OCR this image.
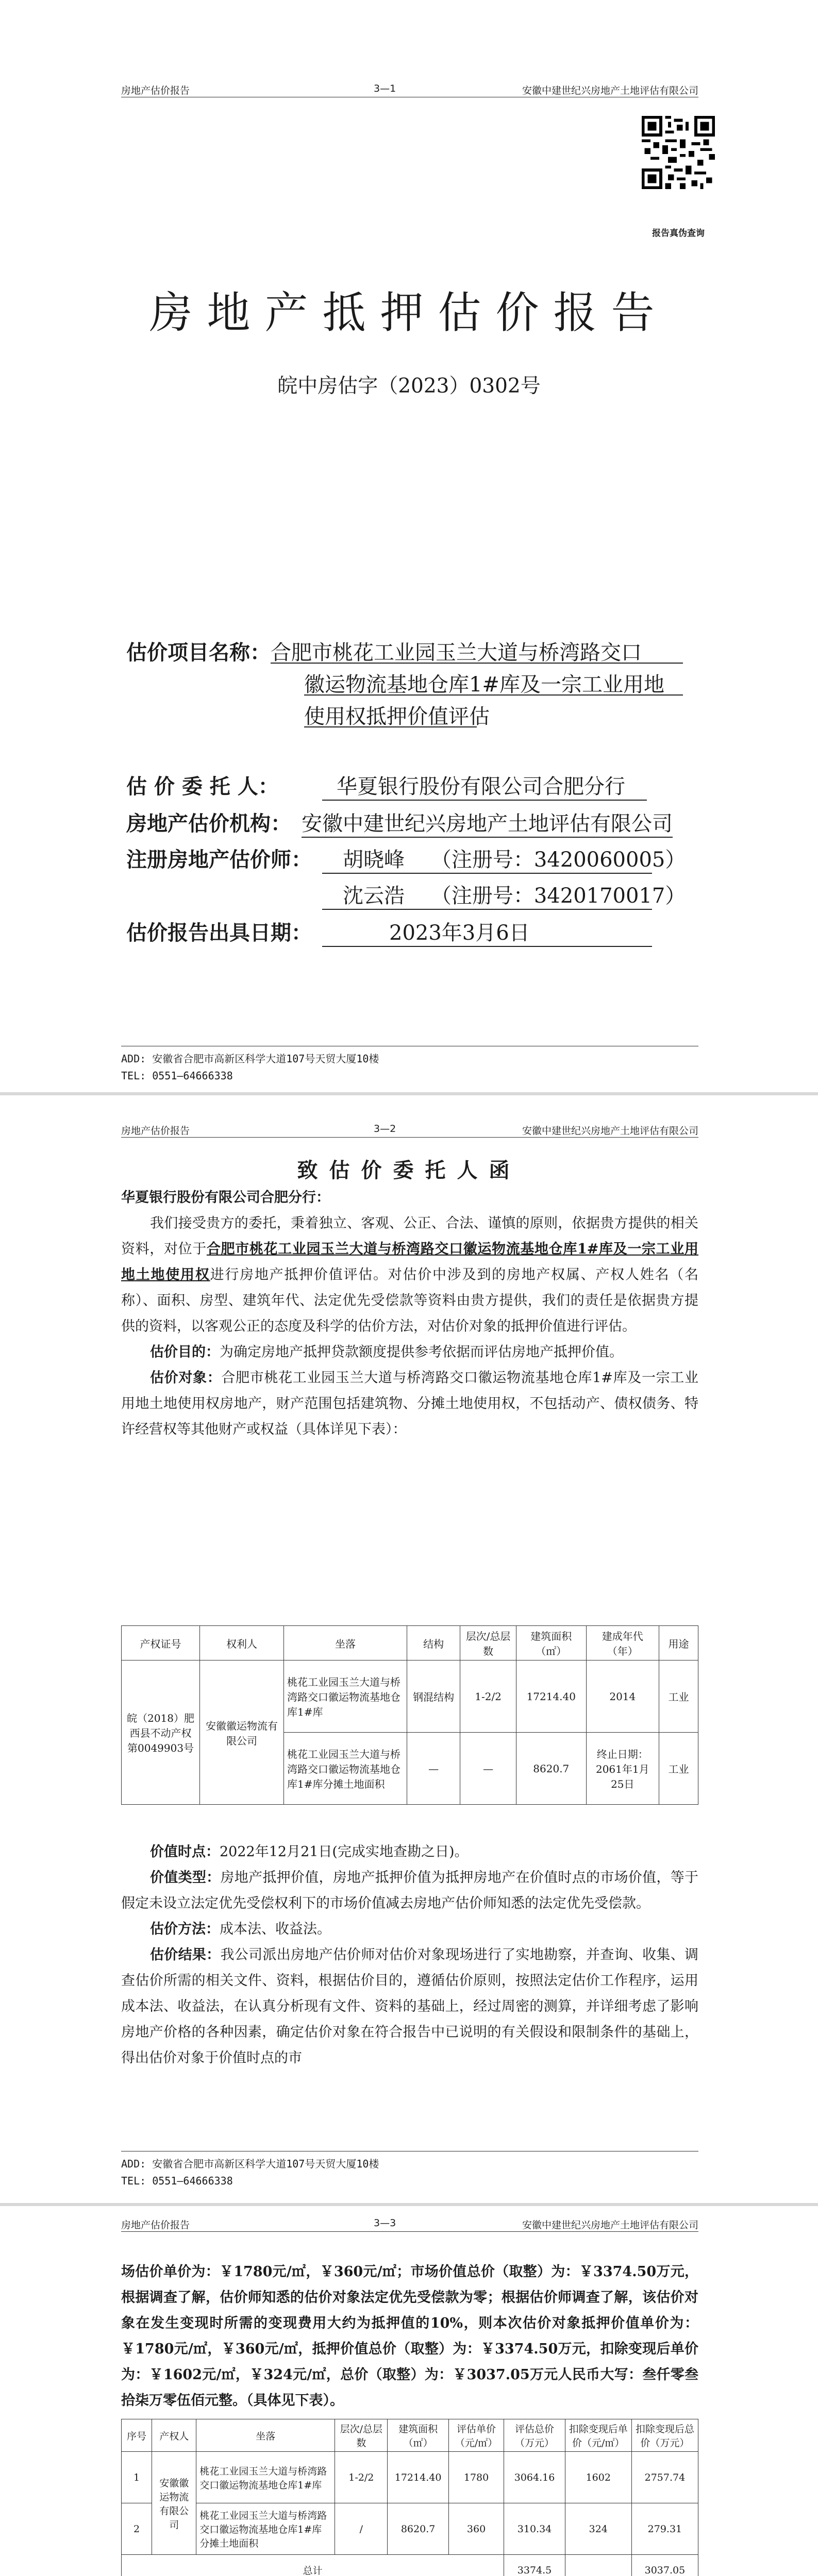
房地产估价报告	3—1	安徽中建世纪兴房地产土地评估有限公司
报告真伪查询
房地产抵押估价报告
皖中房估字（2023）0302号
估价项目名称： 合肥市桃花工业园玉兰大道与桥湾路交口
徽运物流基地仓库1#库及一宗工业用地
使用权抵押价值评估
估 价 委 托 人：	华夏银行股份有限公司合肥分行
房地产估价机构： 安徽中建世纪兴房地产土地评估有限公司
注册房地产估价师：	胡晓峰    （注册号：3420060005）
沈云浩    （注册号：3420170017）
估价报告出具日期：	2023年3月6日
ADD: 安徽省合肥市高新区科学大道107号天贸大厦10楼
TEL: 0551—64666338
房地产估价报告	3—2	安徽中建世纪兴房地产土地评估有限公司
致估价委托人函

华夏银行股份有限公司合肥分行：

我们接受贵方的委托，秉着独立、客观、公正、合法、谨慎的原则，依据贵方提供的相关资料，对位于合肥市桃花工业园玉兰大道与桥湾路交口徽运物流基地仓库1#库及一宗工业用地土地使用权进行房地产抵押价值评估。对估价中涉及到的房地产权属、产权人姓名（名称）、面积、房型、建筑年代、法定优先受偿款等资料由贵方提供，我们的责任是依据贵方提供的资料，以客观公正的态度及科学的估价方法，对估价对象的抵押价值进行评估。

估价目的：为确定房地产抵押贷款额度提供参考依据而评估房地产抵押价值。

估价对象：合肥市桃花工业园玉兰大道与桥湾路交口徽运物流基地仓库1#库及一宗工业用地土地使用权房地产，财产范围包括建筑物、分摊土地使用权，不包括动产、债权债务、特许经营权等其他财产或权益（具体详见下表）：

产权证号	权利人	坐落	结构	层次/总层数	建筑面积（㎡）	建成年代（年）	用途
皖（2018）肥西县不动产权第0049903号	安徽徽运物流有限公司	桃花工业园玉兰大道与桥湾路交口徽运物流基地仓库1#库	钢混结构	1-2/2	17214.40	2014	工业
		桃花工业园玉兰大道与桥湾路交口徽运物流基地仓库1#库分摊土地面积	—	—	8620.7	终止日期：2061年1月25日	工业

价值时点：2022年12月21日(完成实地查勘之日)。

价值类型：房地产抵押价值，房地产抵押价值为抵押房地产在价值时点的市场价值，等于假定未设立法定优先受偿权利下的市场价值减去房地产估价师知悉的法定优先受偿款。

估价方法：成本法、收益法。

估价结果：我公司派出房地产估价师对估价对象现场进行了实地勘察，并查询、收集、调查估价所需的相关文件、资料，根据估价目的，遵循估价原则，按照法定估价工作程序，运用成本法、收益法，在认真分析现有文件、资料的基础上，经过周密的测算，并详细考虑了影响房地产价格的各种因素，确定估价对象在符合报告中已说明的有关假设和限制条件的基础上，得出估价对象于价值时点的市

ADD: 安徽省合肥市高新区科学大道107号天贸大厦10楼
TEL: 0551—64666338
房地产估价报告	3—3	安徽中建世纪兴房地产土地评估有限公司

场估价单价为：￥1780元/㎡，￥360元/㎡；市场价值总价（取整）为：￥3374.50万元，根据调查了解，估价师知悉的估价对象法定优先受偿款为零；根据估价师调查了解，该估价对象在发生变现时所需的变现费用大约为抵押值的10%，则本次估价对象抵押价值单价为：￥1780元/㎡，￥360元/㎡，抵押价值总价（取整）为：￥3374.50万元，扣除变现后单价为：￥1602元/㎡，￥324元/㎡，总价（取整）为：￥3037.05万元人民币大写：叁仟零叁拾柒万零伍佰元整。（具体见下表）。

序号	产权人	坐落	层次/总层数	建筑面积（㎡）	评估单价（元/㎡）	评估总价（万元）	扣除变现后单价（元/㎡）	扣除变现后总价（万元）
1	安徽徽运物流有限公司	桃花工业园玉兰大道与桥湾路交口徽运物流基地仓库1#库	1-2/2	17214.40	1780	3064.16	1602	2757.74
2		桃花工业园玉兰大道与桥湾路交口徽运物流基地仓库1#库分摊土地面积	/	8620.7	360	310.34	324	279.31
总计						3374.5		3037.05
